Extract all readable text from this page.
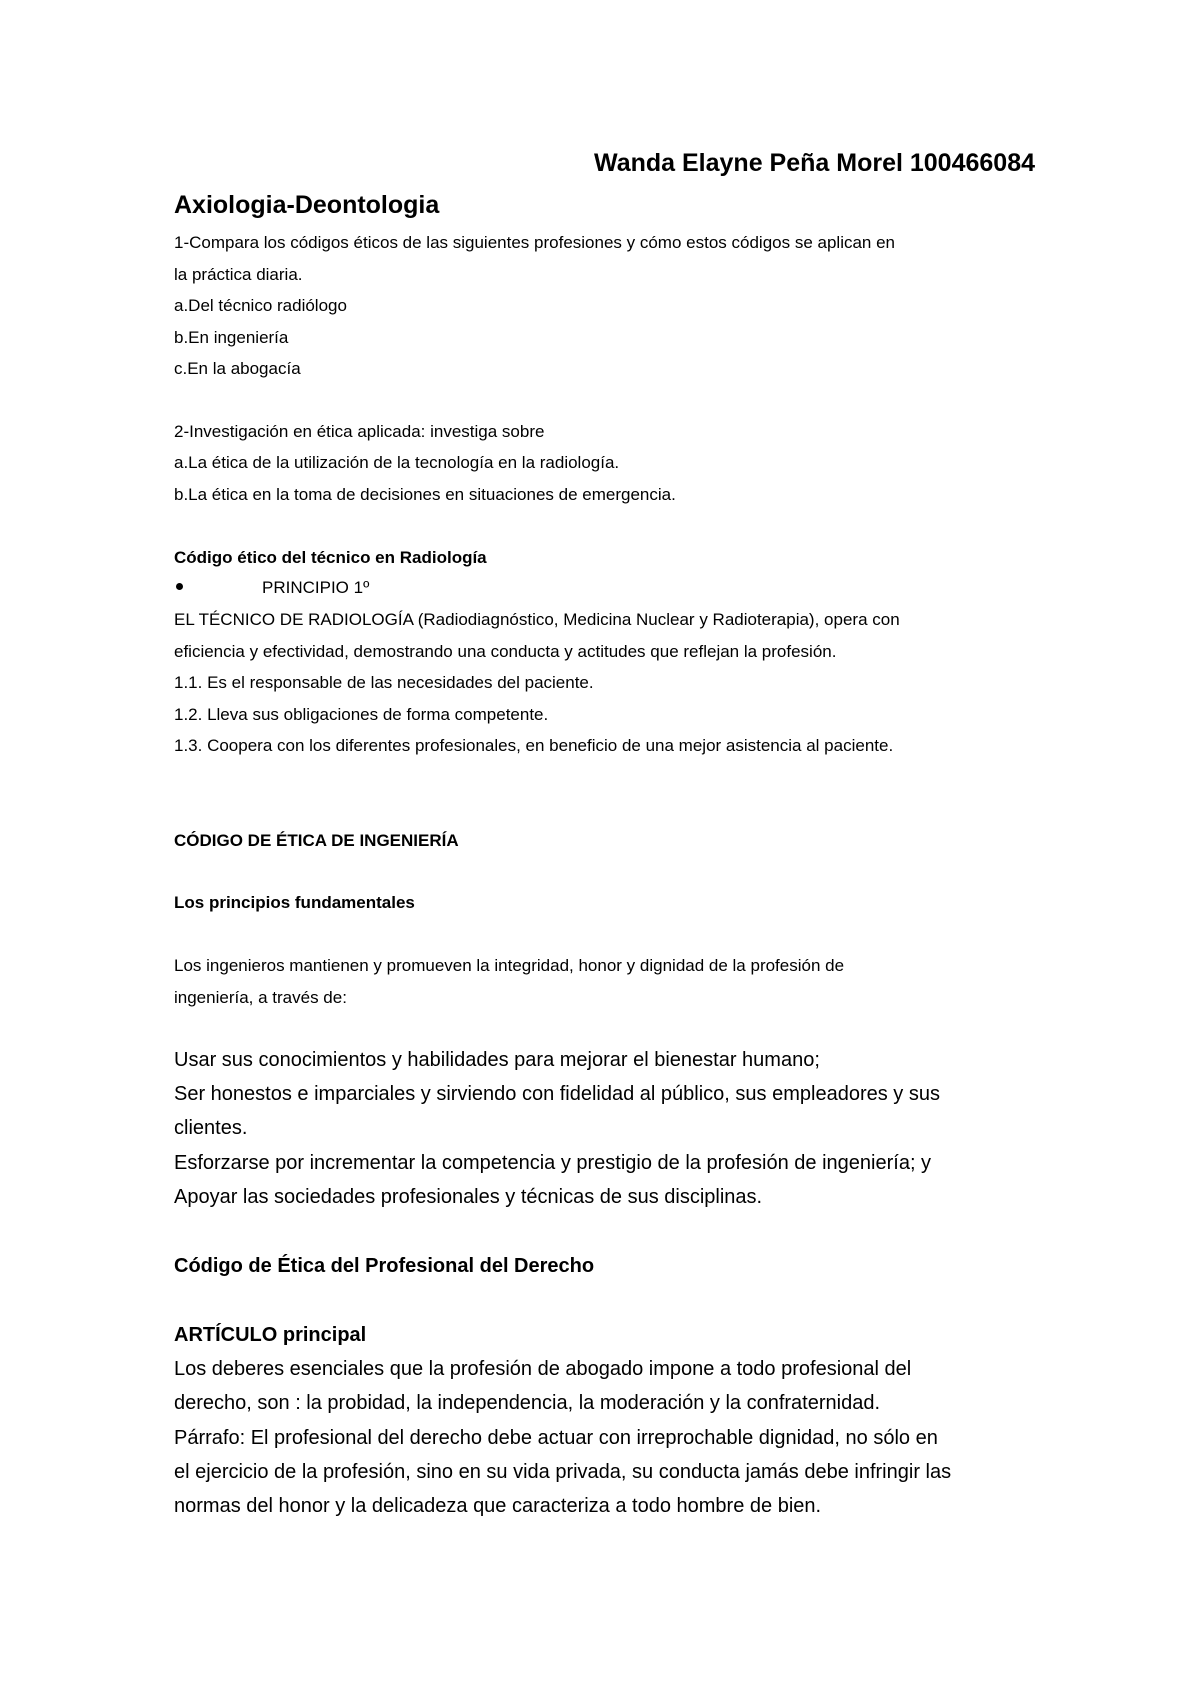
Wanda Elayne Peña Morel 100466084

Axiologia-Deontologia

1-Compara los códigos éticos de las siguientes profesiones y cómo estos códigos se aplican en

la práctica diaria.

a.Del técnico radiólogo

b.En ingeniería

c.En la abogacía

2-Investigación en ética aplicada: investiga sobre

a.La ética de la utilización de la tecnología en la radiología.

b.La ética en la toma de decisiones en situaciones de emergencia.

Código ético del técnico en Radiología

PRINCIPIO 1º

EL TÉCNICO DE RADIOLOGÍA (Radiodiagnóstico, Medicina Nuclear y Radioterapia), opera con

eficiencia y efectividad, demostrando una conducta y actitudes que reflejan la profesión.

1.1. Es el responsable de las necesidades del paciente.

1.2. Lleva sus obligaciones de forma competente.

1.3. Coopera con los diferentes profesionales, en beneficio de una mejor asistencia al paciente.

CÓDIGO DE ÉTICA DE INGENIERÍA

Los principios fundamentales

Los ingenieros mantienen y promueven la integridad, honor y dignidad de la profesión de

ingeniería, a través de:

Usar sus conocimientos y habilidades para mejorar el bienestar humano;

Ser honestos e imparciales y sirviendo con fidelidad al público, sus empleadores y sus

clientes.

Esforzarse por incrementar la competencia y prestigio de la profesión de ingeniería; y

Apoyar las sociedades profesionales y técnicas de sus disciplinas.

Código de Ética del Profesional del Derecho

ARTÍCULO principal

Los deberes esenciales que la profesión de abogado impone a todo profesional del

derecho, son : la probidad, la independencia, la moderación y la confraternidad.

Párrafo: El profesional del derecho debe actuar con irreprochable dignidad, no sólo en

el ejercicio de la profesión, sino en su vida privada, su conducta jamás debe infringir las

normas del honor y la delicadeza que caracteriza a todo hombre de bien.
